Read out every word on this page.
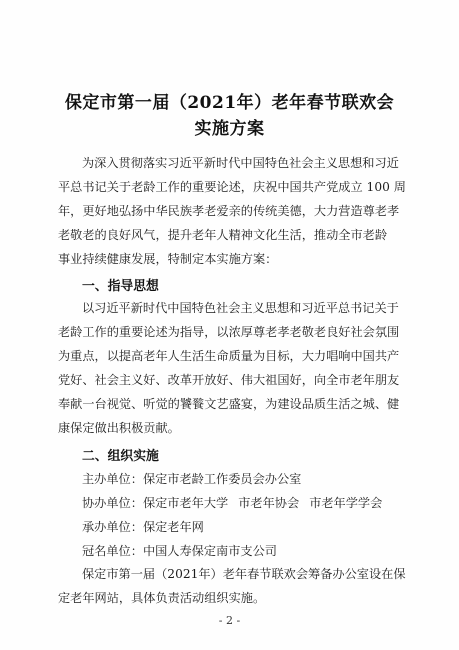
保定市第一届（2021年）老年春节联欢会
实施方案
为深入贯彻落实习近平新时代中国特色社会主义思想和习近
平总书记关于老龄工作的重要论述，庆祝中国共产党成立 100 周
年，更好地弘扬中华民族孝老爱亲的传统美德，大力营造尊老孝
老敬老的良好风气，提升老年人精神文化生活，推动全市老龄
事业持续健康发展，特制定本实施方案：
一、指导思想
以习近平新时代中国特色社会主义思想和习近平总书记关于
老龄工作的重要论述为指导，以浓厚尊老孝老敬老良好社会氛围
为重点，以提高老年人生活生命质量为目标，大力唱响中国共产
党好、社会主义好、改革开放好、伟大祖国好，向全市老年朋友
奉献一台视觉、听觉的饕餮文艺盛宴，为建设品质生活之城、健
康保定做出积极贡献。
二、组织实施
主办单位：保定市老龄工作委员会办公室
协办单位：保定市老年大学 市老年协会 市老年学学会
承办单位：保定老年网
冠名单位：中国人寿保定南市支公司
保定市第一届（2021年）老年春节联欢会筹备办公室设在保
定老年网站，具体负责活动组织实施。
- 2 -
